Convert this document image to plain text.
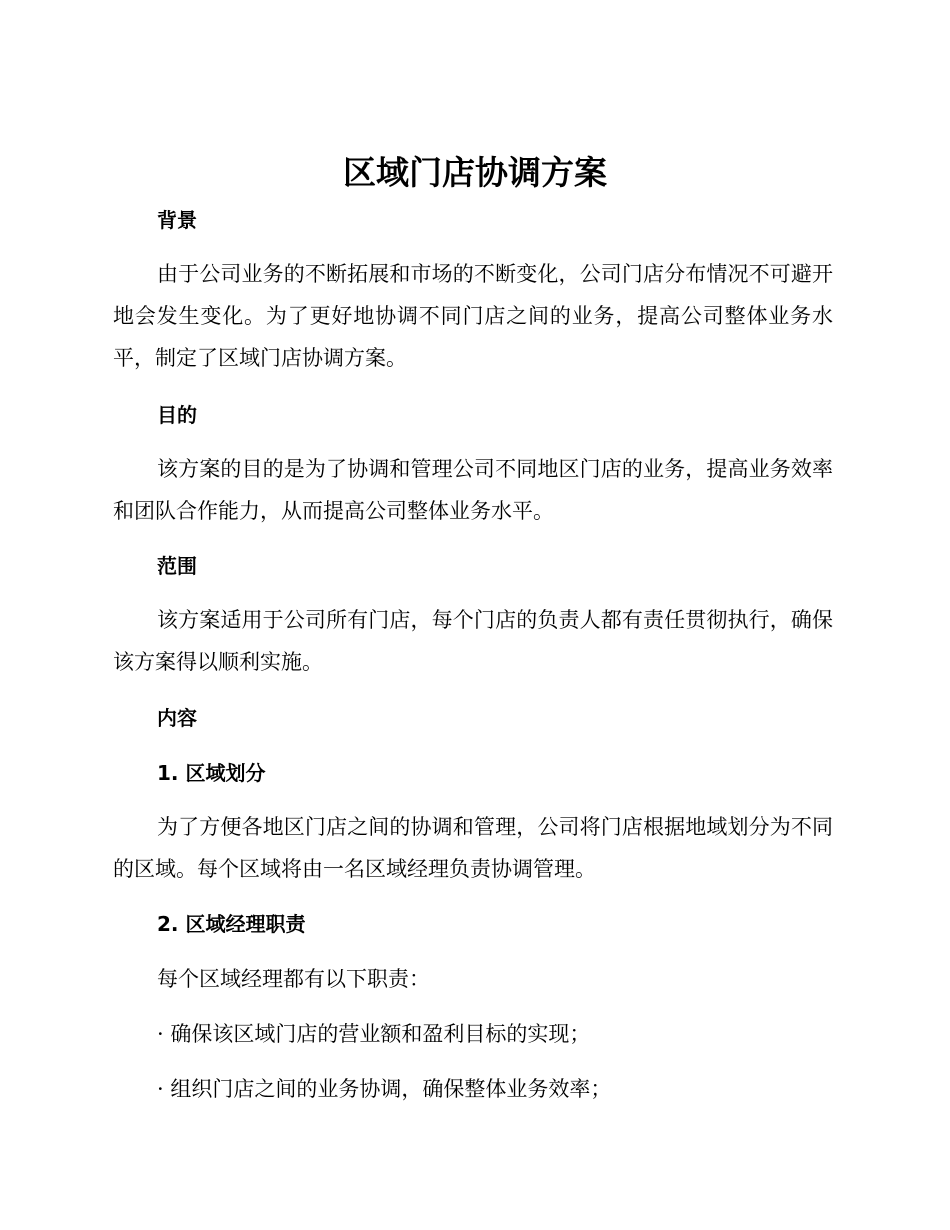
区域门店协调方案
背景

由于公司业务的不断拓展和市场的不断变化，公司门店分布情况不可避开地会发生变化。为了更好地协调不同门店之间的业务，提高公司整体业务水平，制定了区域门店协调方案。

目的

该方案的目的是为了协调和管理公司不同地区门店的业务，提高业务效率和团队合作能力，从而提高公司整体业务水平。

范围

该方案适用于公司所有门店，每个门店的负责人都有责任贯彻执行，确保该方案得以顺利实施。

内容
1. 区域划分

为了方便各地区门店之间的协调和管理，公司将门店根据地域划分为不同的区域。每个区域将由一名区域经理负责协调管理。

2. 区域经理职责

每个区域经理都有以下职责：

· 确保该区域门店的营业额和盈利目标的实现；

· 组织门店之间的业务协调，确保整体业务效率；
